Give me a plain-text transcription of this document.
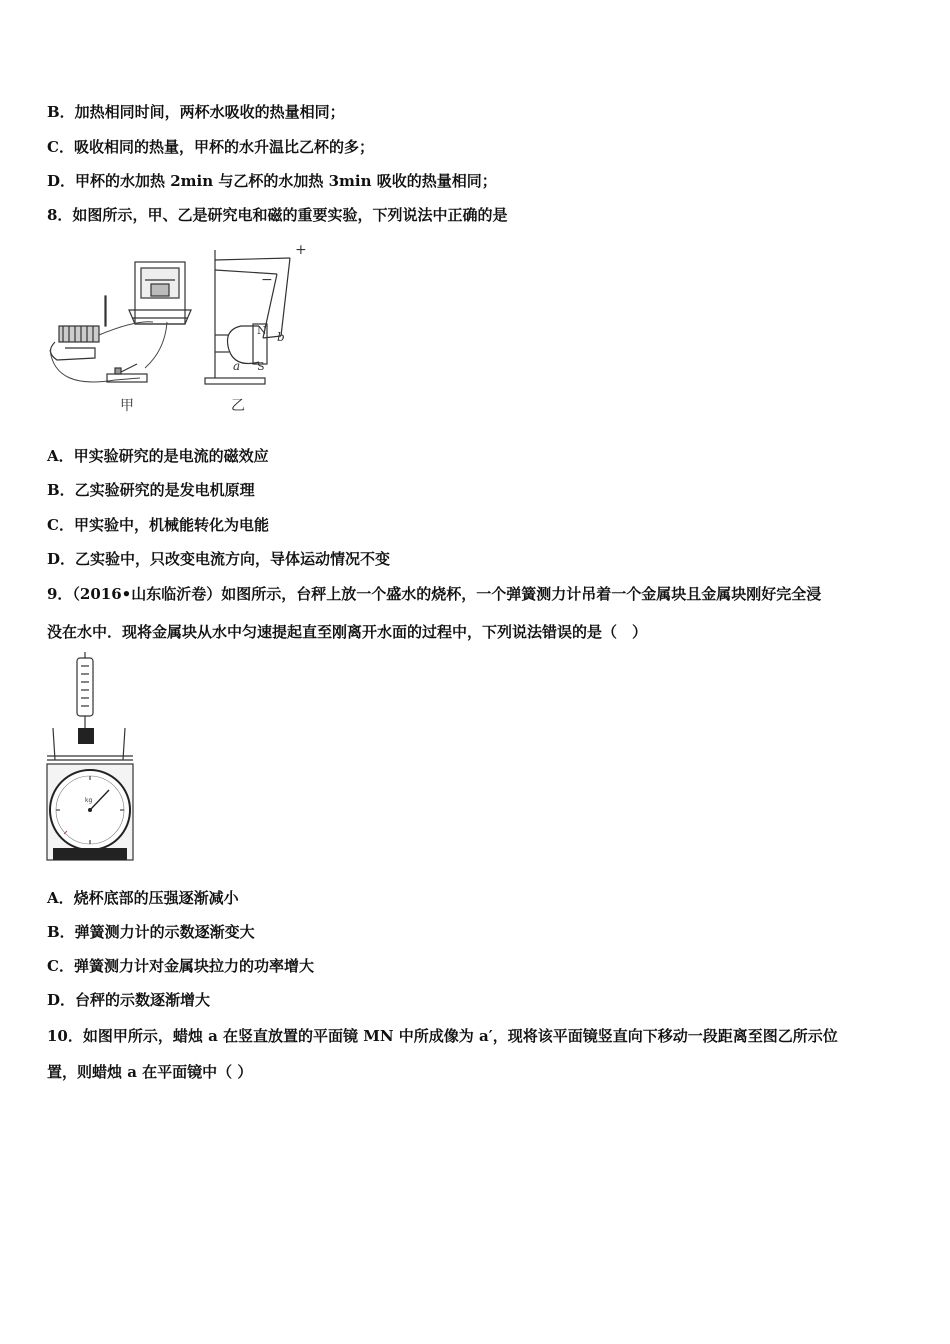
B．加热相同时间，两杯水吸收的热量相同；
C．吸收相同的热量，甲杯的水升温比乙杯的多；
D．甲杯的水加热 2min 与乙杯的水加热 3min 吸收的热量相同；
8．如图所示，甲、乙是研究电和磁的重要实验，下列说法中正确的是
甲
+
−
N
S
b
a
乙
A．甲实验研究的是电流的磁效应
B．乙实验研究的是发电机原理
C．甲实验中，机械能转化为电能
D．乙实验中，只改变电流方向，导体运动情况不变
9．（2016•山东临沂卷）如图所示，台秤上放一个盛水的烧杯，一个弹簧测力计吊着一个金属块且金属块刚好完全浸
没在水中．现将金属块从水中匀速提起直至刚离开水面的过程中，下列说法错误的是（　）
kg
A．烧杯底部的压强逐渐减小
B．弹簧测力计的示数逐渐变大
C．弹簧测力计对金属块拉力的功率增大
D．台秤的示数逐渐增大
10．如图甲所示，蜡烛 a 在竖直放置的平面镜 MN 中所成像为 a′，现将该平面镜竖直向下移动一段距离至图乙所示位
置，则蜡烛 a 在平面镜中（ ）
